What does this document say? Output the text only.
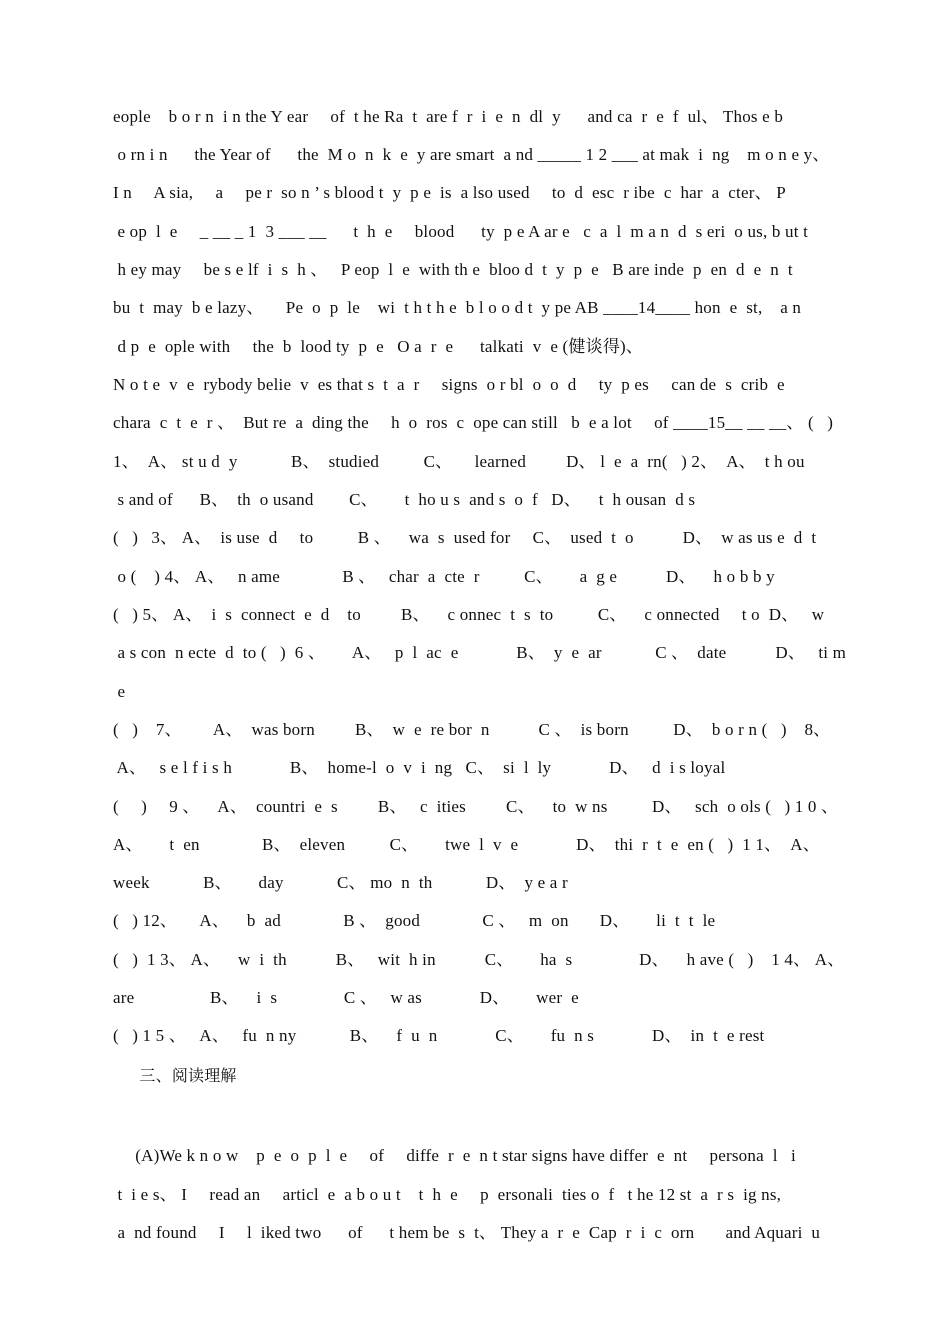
eople    b o r n  i n the Y ear     of  t he Ra  t  are f  r  i  e  n  dl  y      and ca  r  e  f  ul、 Thos e b
o rn i n      the Year of      the  M o  n  k  e  y are smart  a nd _____ 1 2 ___ at mak  i  ng    m o n e y、
I n     A sia,     a     pe r  so n ’ s blood t  y  p e  is  a lso used     to  d  esc  r ibe  c  har  a  cter、 P
e op  l  e     _ __ _ 1  3 ___ __      t  h  e     blood      ty  p e A ar e   c  a  l  m a n  d  s eri  o us, b ut t
h ey may     be s e lf  i  s  h 、   P eop  l  e  with th e  bloo d  t  y  p  e   B are inde  p  en  d  e  n  t
bu  t  may  b e lazy、     Pe  o  p  le    wi  t h t h e  b l o o d t  y pe AB ____14____ hon  e  st,    a n
d p  e  ople with     the  b  lood ty  p  e   O a  r  e      talkati  v  e (健谈得)、
N o t e  v  e  rybody belie  v  es that s  t  a  r     signs  o r bl  o  o  d     ty  p es     can de  s  crib  e
chara  c  t  e  r 、  But re  a  ding the     h  o  ros  c  ope can still   b  e a lot     of ____15__ __ __、 (   )
1、  A、 st u d  y            B、  studied          C、     learned         D、 l  e  a  rn(   ) 2、  A、  t h ou
s and of      B、  th  o usand        C、      t  ho u s  and s  o  f   D、    t  h ousan  d s
(   )   3、 A、  is use  d     to          B 、    wa  s  used for     C、  used  t  o           D、  w as us e  d  t
o (    ) 4、 A、   n ame              B 、   char  a  cte  r          C、      a  g e           D、    h o b b y
(   ) 5、 A、  i  s  connect  e  d    to         B、    c onnec  t  s  to          C、    c onnected     t o  D、   w
a s con  n ecte  d  to (   )  6 、      A、   p  l  ac  e             B、  y  e  ar            C 、  date           D、   ti m
e
(   )    7、       A、  was born         B、  w  e  re bor  n           C 、  is born          D、  b o r n (   )    8、
A、   s e l f i s h             B、  home-l  o  v  i  ng   C、  si  l  ly             D、   d  i s loyal
(     )     9 、    A、  countri  e  s         B、   c  ities         C、    to  w ns          D、   sch  o ols (   ) 1 0 、
A、      t  en              B、  eleven          C、      twe  l  v  e             D、  thi  r  t  e  en (   )  1 1、  A、
week            B、      day            C、 mo  n  th            D、  y e a r
(   ) 12、     A、    b  ad              B 、  good              C 、   m  on       D、      li  t  t  le
(   )  1 3、 A、    w  i  th           B、   wit  h in           C、      ha  s               D、    h ave (   )    1 4、 A、
are                 B、    i  s               C 、   w as             D、      wer  e
(   ) 1 5 、   A、   fu  n ny            B、    f  u  n             C、      fu  n s             D、  in  t  e rest
三、阅读理解
(A)We k n o w    p  e  o  p  l  e     of     diffe  r  e  n t star signs have differ  e  nt     persona  l   i
t  i e s、 I     read an     articl  e  a b o u t    t  h  e     p  ersonali  ties o  f   t he 12 st  a  r s  ig ns,
a  nd found     I     l  iked two      of      t hem be  s  t、 They a  r  e  Cap  r  i  c  orn       and Aquari  u
